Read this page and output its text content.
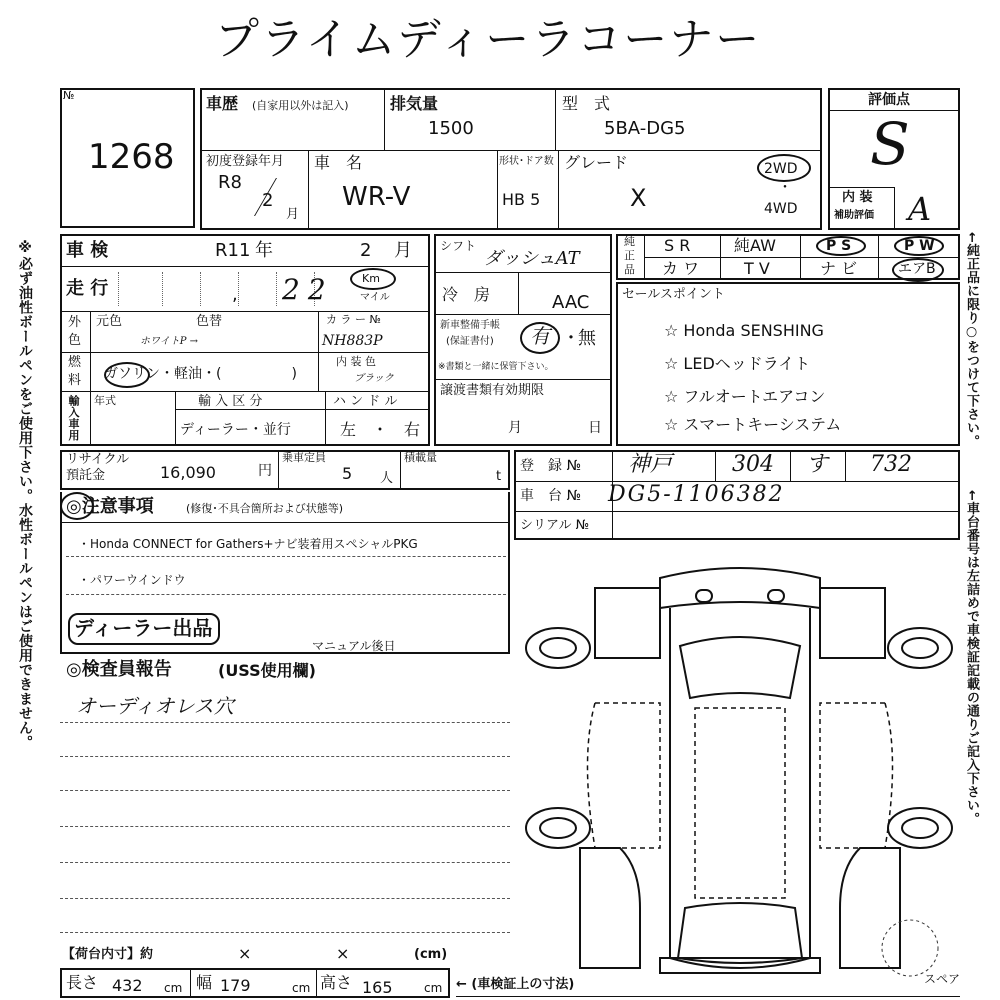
プライムディーラコーナー
※必ず油性ボールペンをご使用下さい。水性ボールペンはご使用できません。	←純正品に限り○をつけて下さい。
←車台番号は左詰めで車検証記載の通りご記入下さい。
№
1268
評価点
S
内 装
補助評価 A
車歴 (自家用以外は記入)	排気量
1500
型　式
5BA-DG5
初度登録年月
R8
2
月
車　名
WR-V
形状･ドア数
HB 5
グレード
X
2WD
・
4WD
車 検	R11 年	2 月
走 行	, 22	Km
マイル
外
色
元色	色替
ホワイトP →
カ ラ ー №
NH883P
内 装 色
ブラック
燃
料 ガソリン・軽油・(　　　　　)
輸入車用 年式	輸 入 区 分
ディーラー・並行
ハ ン ド ル
左　・　右
シフト
ダッシュAT
冷　房	AAC
新車整備手帳
(保証書付) 有 ・
無
※書類と一緒に保管下さい。
譲渡書類有効期限
月	日
純
正
品
S R	純AW	P S	P W
カ ワ	T V	ナ ビ	エアB
セールスポイント
☆ Honda SENSHING
☆ LEDヘッドライト
☆ フルオートエアコン
☆ スマートキーシステム
リサイクル
預託金	16,090	円
乗車定員
5 人
積載量
t
登　録 № 神戸	304 す 732
車　台 № DG5-1106382
シリアル №
◎注意事項	(修復･不具合箇所および状態等)
・Honda CONNECT for Gathers+ナビ装着用スペシャルPKG
・パワーウインドウ
ディーラー出品
マニュアル後日
◎検査員報告	(USS使用欄)
オーディオレス穴
スペア
【荷台内寸】約	×	×	(cm)
長さ 432 cm 幅 179	cm 高さ 165	cm ← (車検証上の寸法)
